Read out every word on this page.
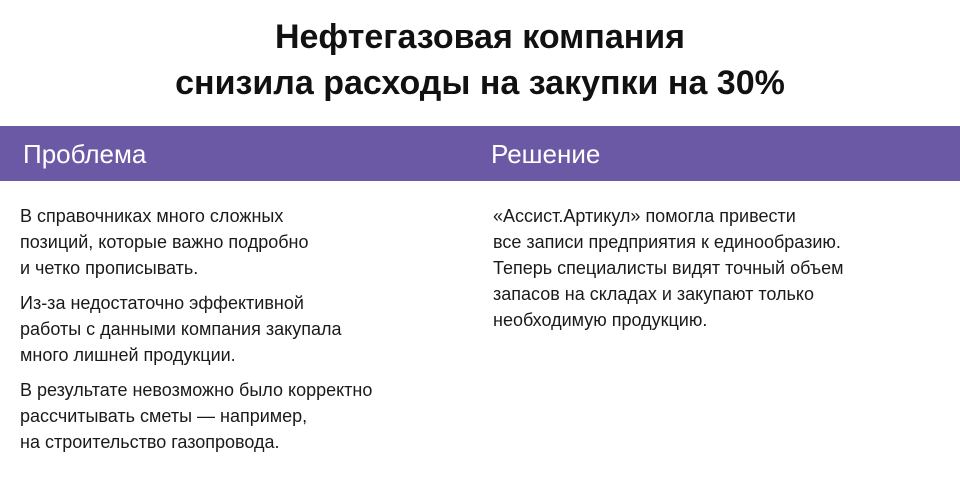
Нефтегазовая компания
снизила расходы на закупки на 30%
Проблема	Решение

В справочниках много сложных
позиций, которые важно подробно
и четко прописывать.

Из-за недостаточно эффективной
работы с данными компания закупала
много лишней продукции.

В результате невозможно было корректно
рассчитывать сметы — например,
на строительство газопровода.

«Ассист.Артикул» помогла привести
все записи предприятия к единообразию.
Теперь специалисты видят точный объем
запасов на складах и закупают только
необходимую продукцию.
